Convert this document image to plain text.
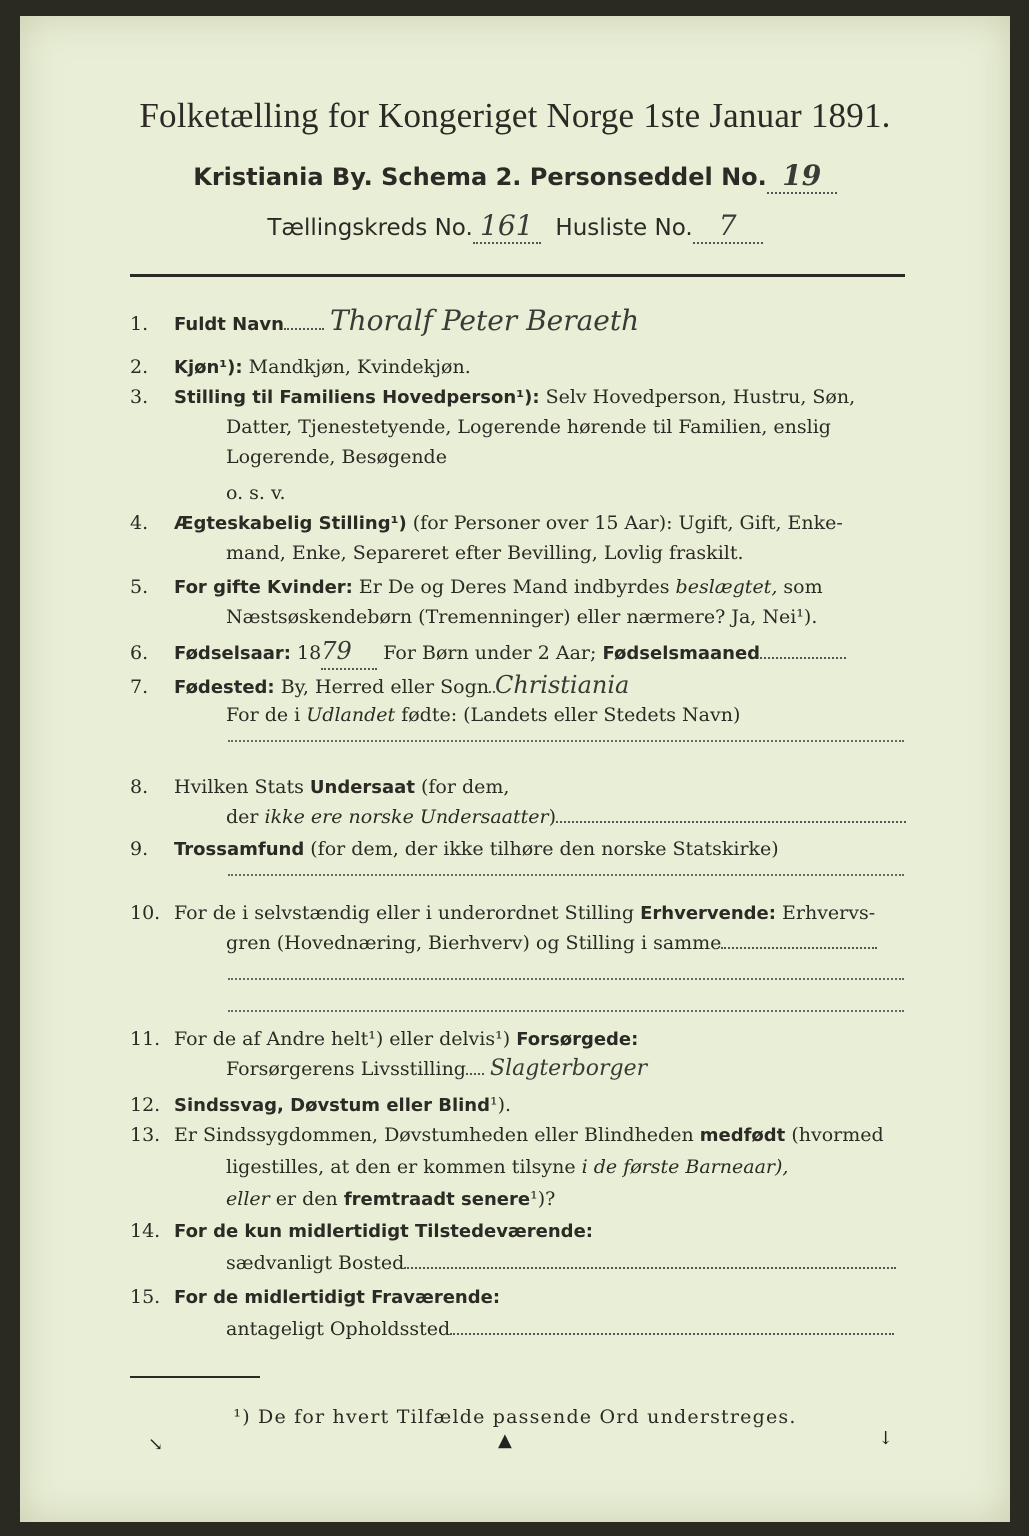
Folketælling for Kongeriget Norge 1ste Januar 1891.
Kristiania By. Schema 2. Personseddel No. 19
Tællingskreds No. 161 Husliste No. 7
1. Fuldt Navn Thoralf Peter Beraeth
2. Kjøn¹): Mandkjøn, Kvindekjøn.
3. Stilling til Familiens Hovedperson¹): Selv Hovedperson, Hustru, Søn,
Datter, Tjenestetyende, Logerende hørende til Familien, enslig
Logerende, Besøgende
o. s. v.
4. Ægteskabelig Stilling¹) (for Personer over 15 Aar): Ugift, Gift, Enke-
mand, Enke, Separeret efter Bevilling, Lovlig fraskilt.
5. For gifte Kvinder: Er De og Deres Mand indbyrdes beslægtet, som
Næstsøskendebørn (Tremenninger) eller nærmere? Ja, Nei¹).
6. Fødselsaar: 1879 For Børn under 2 Aar; Fødselsmaaned
7. Fødested: By, Herred eller Sogn Christiania
For de i Udlandet fødte: (Landets eller Stedets Navn)
8. Hvilken Stats Undersaat (for dem,
der ikke ere norske Undersaatter)
9. Trossamfund (for dem, der ikke tilhøre den norske Statskirke)
10. For de i selvstændig eller i underordnet Stilling Erhvervende: Erhvervs-
gren (Hovednæring, Bierhverv) og Stilling i samme
11. For de af Andre helt¹) eller delvis¹) Forsørgede:
Forsørgerens Livsstilling Slagterborger
12. Sindssvag, Døvstum eller Blind¹).
13. Er Sindssygdommen, Døvstumheden eller Blindheden medfødt (hvormed
ligestilles, at den er kommen tilsyne i de første Barneaar),
eller er den fremtraadt senere¹)?
14. For de kun midlertidigt Tilstedeværende:
sædvanligt Bosted
15. For de midlertidigt Fraværende:
antageligt Opholdssted
¹) De for hvert Tilfælde passende Ord understreges.
↘	▲	↓
